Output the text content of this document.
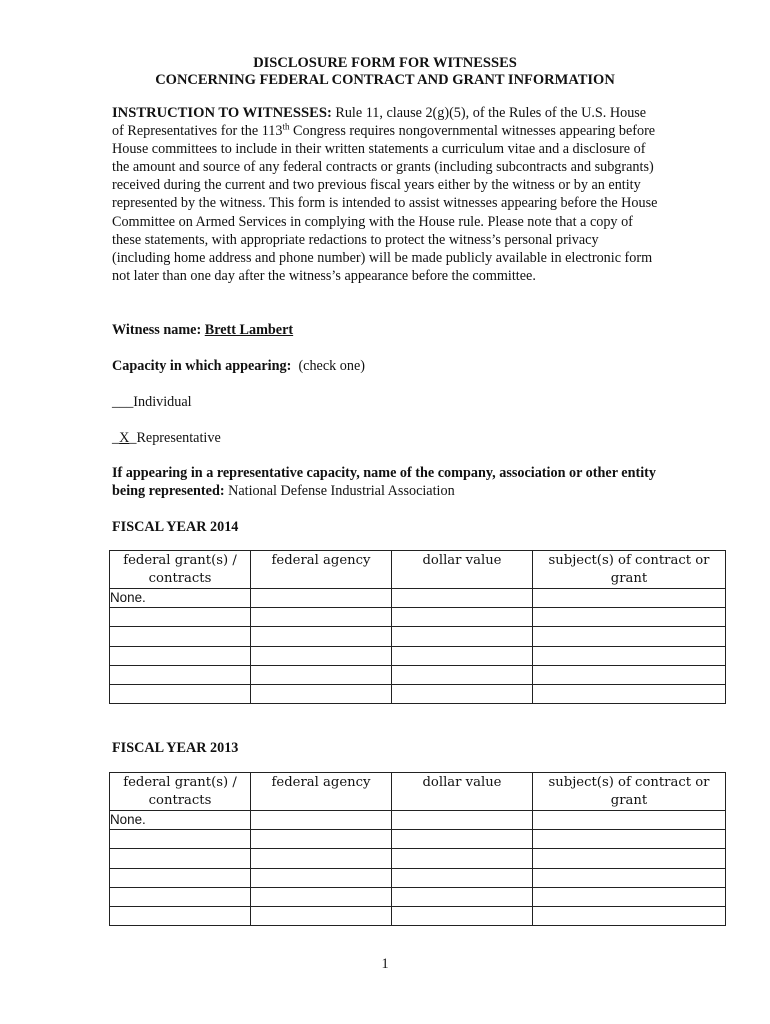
DISCLOSURE FORM FOR WITNESSES
CONCERNING FEDERAL CONTRACT AND GRANT INFORMATION
INSTRUCTION TO WITNESSES: Rule 11, clause 2(g)(5), of the Rules of the U.S. House of Representatives for the 113th Congress requires nongovernmental witnesses appearing before House committees to include in their written statements a curriculum vitae and a disclosure of the amount and source of any federal contracts or grants (including subcontracts and subgrants) received during the current and two previous fiscal years either by the witness or by an entity represented by the witness. This form is intended to assist witnesses appearing before the House Committee on Armed Services in complying with the House rule. Please note that a copy of these statements, with appropriate redactions to protect the witness’s personal privacy (including home address and phone number) will be made publicly available in electronic form not later than one day after the witness’s appearance before the committee.
Witness name: Brett Lambert
Capacity in which appearing: (check one)
___Individual
_X_Representative
If appearing in a representative capacity, name of the company, association or other entity being represented: National Defense Industrial Association
FISCAL YEAR 2014
federal grant(s) / contracts	federal agency	dollar value	subject(s) of contract or grant
None.			

FISCAL YEAR 2013
federal grant(s) / contracts	federal agency	dollar value	subject(s) of contract or grant
None.			

1
